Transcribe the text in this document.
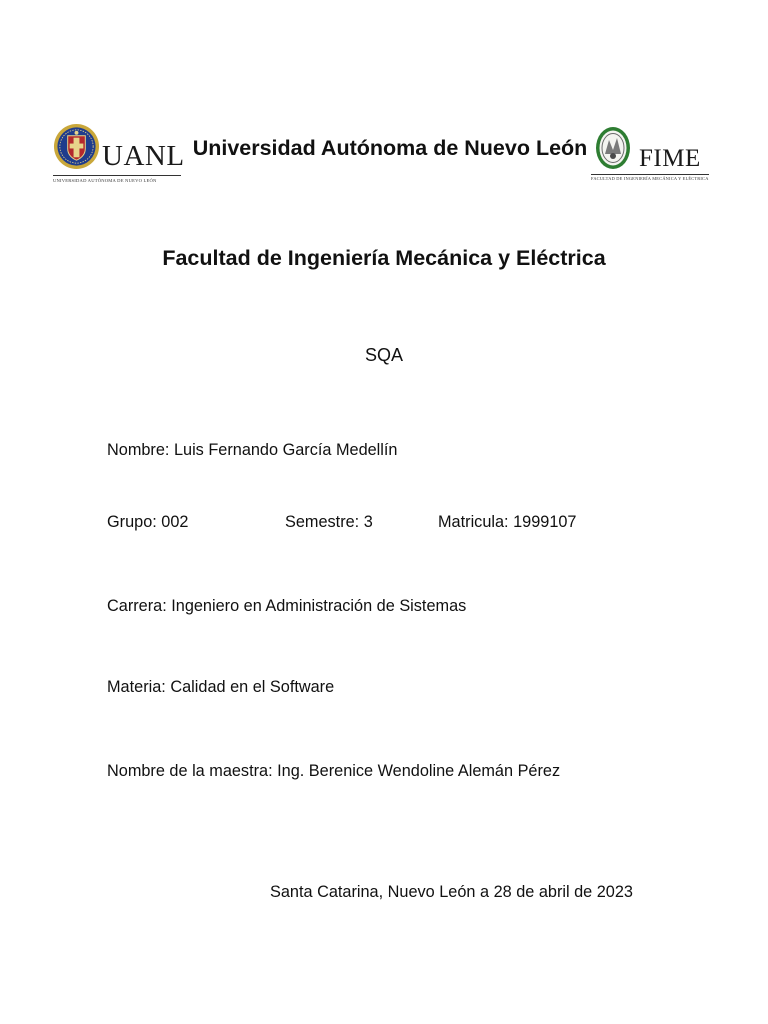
UANL
UNIVERSIDAD AUTÓNOMA DE NUEVO LEÓN
Universidad Autónoma de Nuevo León FIME
FACULTAD DE INGENIERÍA MECÁNICA Y ELÉCTRICA
Facultad de Ingeniería Mecánica y Eléctrica
SQA
Nombre: Luis Fernando García Medellín
Grupo: 002	Semestre: 3	Matricula: 1999107
Carrera: Ingeniero en Administración de Sistemas
Materia: Calidad en el Software
Nombre de la maestra: Ing. Berenice Wendoline Alemán Pérez
Santa Catarina, Nuevo León a 28 de abril de 2023
